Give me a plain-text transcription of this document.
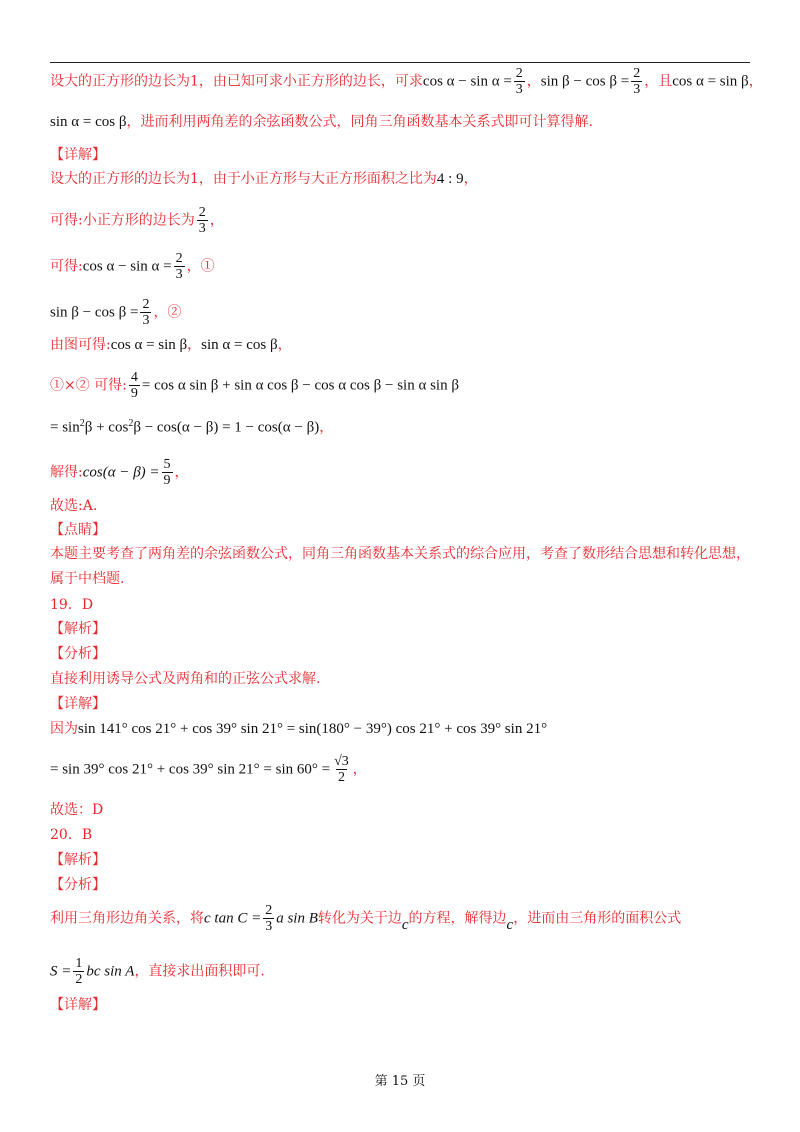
设大的正方形的边长为1，由已知可求小正方形的边长，可求$\cos \alpha - \sin \alpha = \frac{2}{3}$ ，$\sin \beta - \cos \beta = \frac{2}{3}$ ，且cos α = sin β，
sin α = cos β，进而利用两角差的余弦函数公式，同角三角函数基本关系式即可计算得解.
【详解】
设大的正方形的边长为1，由于小正方形与大正方形面积之比为4 : 9，
可得:小正方形的边长为 $\frac{2}{3}$ ，
可得:cos $\alpha - \sin \alpha = \frac{2}{3}$ ，①
$\sin \beta - \cos \beta = \frac{2}{3}$ ，②
由图可得:cos α = sin β，sin α = cos β，
①×② 可得: $\frac{4}{9} = \cos \alpha$ sin β + sin α cos β − cos α cos β − sin α sin β
= $\sin^2\beta + \cos^2\beta - \cos(\alpha - \beta) = 1 - \cos(\alpha - \beta)$，
解得:cos(α − $\beta) = \frac{5}{9}$ ，
故选:A.
【点睛】
本题主要考查了两角差的余弦函数公式，同角三角函数基本关系式的综合应用，考查了数形结合思想和转化思想，
属于中档题.
19．D
【解析】
【分析】
直接利用诱导公式及两角和的正弦公式求解.
【详解】
因为sin 141° cos 21° + cos 39° sin 21° = sin(180° − 39°) cos 21° + cos 39° sin 21°
= sin 39° cos 21° + cos 39° $\sin 21^\circ = \sin 60^\circ = \frac{√3}{2}$ ，
故选：D
20．B
【解析】
【分析】
利用三角形边角关系，将c $\tan C = \frac{2}{3}$ a sin B转化为关于边c的方程，解得边c，进而由三角形的面积公式
$S = \frac{1}{2}$ bc sin A，直接求出面积即可.
【详解】
第 15 页
